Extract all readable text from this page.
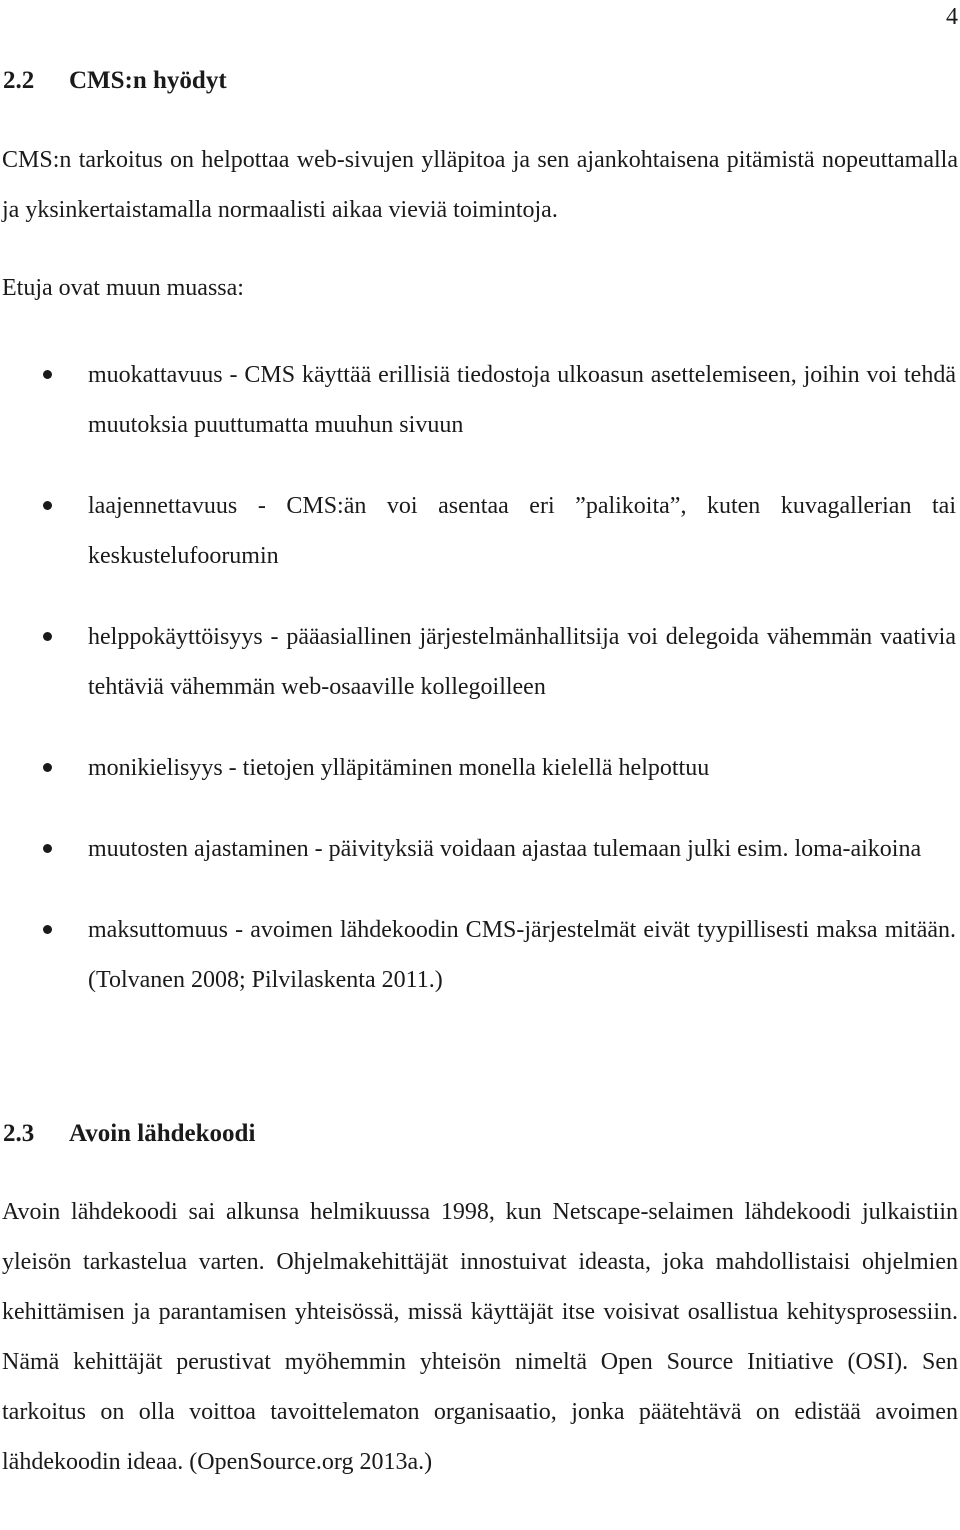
4
2.2 CMS:n hyödyt

CMS:n tarkoitus on helpottaa web-sivujen ylläpitoa ja sen ajankohtaisena pitämistä nopeuttamalla ja yksinkertaistamalla normaalisti aikaa vieviä toimintoja.

Etuja ovat muun muassa:
muokattavuus - CMS käyttää erillisiä tiedostoja ulkoasun asettelemiseen, joihin voi tehdä muutoksia puuttumatta muuhun sivuun
laajennettavuus - CMS:än voi asentaa eri ”palikoita”, kuten kuvagallerian tai keskustelufoorumin
helppokäyttöisyys - pääasiallinen järjestelmänhallitsija voi delegoida vähemmän vaativia tehtäviä vähemmän web-osaaville kollegoilleen
monikielisyys - tietojen ylläpitäminen monella kielellä helpottuu
muutosten ajastaminen - päivityksiä voidaan ajastaa tulemaan julki esim. loma-aikoina
maksuttomuus - avoimen lähdekoodin CMS-järjestelmät eivät tyypillisesti maksa mitään. (Tolvanen 2008; Pilvilaskenta 2011.)
2.3 Avoin lähdekoodi

Avoin lähdekoodi sai alkunsa helmikuussa 1998, kun Netscape-selaimen lähdekoodi julkaistiin yleisön tarkastelua varten. Ohjelmakehittäjät innostuivat ideasta, joka mahdollistaisi ohjelmien kehittämisen ja parantamisen yhteisössä, missä käyttäjät itse voisivat osallistua kehitysprosessiin. Nämä kehittäjät perustivat myöhemmin yhteisön nimeltä Open Source Initiative (OSI). Sen tarkoitus on olla voittoa tavoittelematon organisaatio, jonka päätehtävä on edistää avoimen lähdekoodin ideaa. (OpenSource.org 2013a.)
